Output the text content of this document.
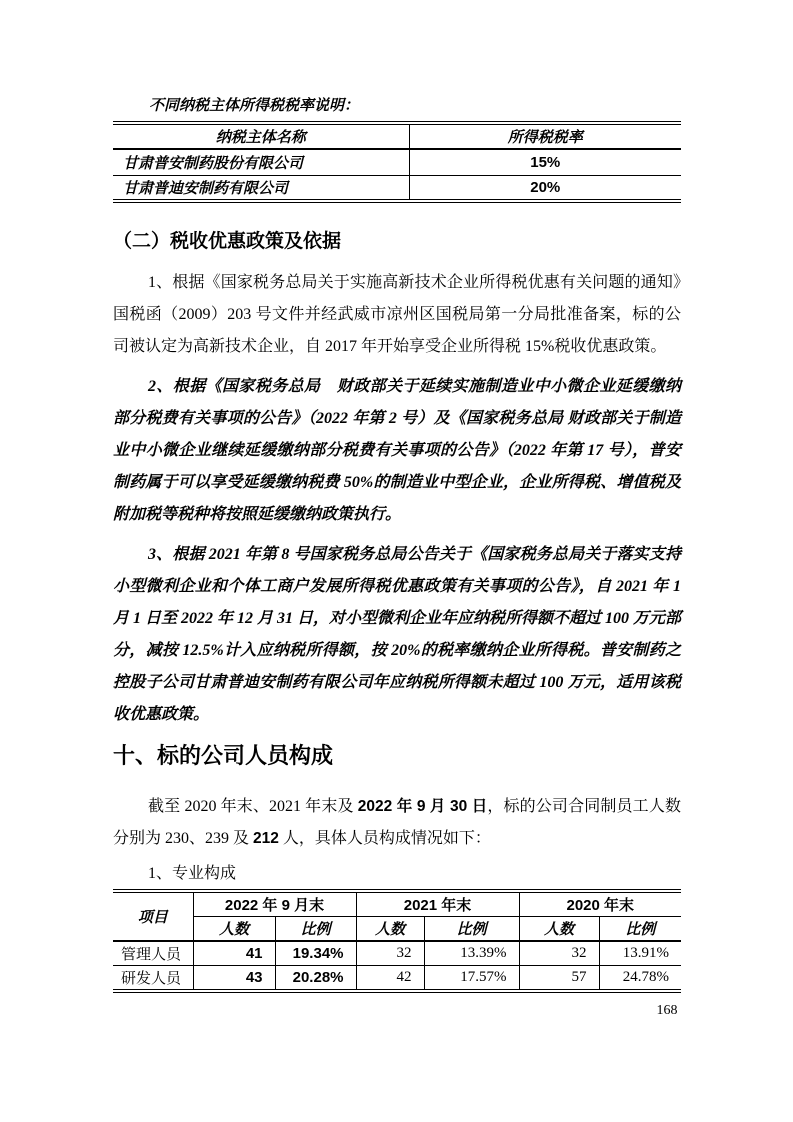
不同纳税主体所得税税率说明：
纳税主体名称	所得税税率
甘肃普安制药股份有限公司	15%
甘肃普迪安制药有限公司	20%
（二）税收优惠政策及依据

1、根据《国家税务总局关于实施高新技术企业所得税优惠有关问题的通知》国税函（2009）203 号文件并经武威市凉州区国税局第一分局批准备案，标的公司被认定为高新技术企业，自 2017 年开始享受企业所得税 15%税收优惠政策。

2、根据《国家税务总局　财政部关于延续实施制造业中小微企业延缓缴纳部分税费有关事项的公告》（2022 年第 2 号）及《国家税务总局 财政部关于制造业中小微企业继续延缓缴纳部分税费有关事项的公告》（2022 年第 17 号），普安制药属于可以享受延缓缴纳税费 50%的制造业中型企业，企业所得税、增值税及附加税等税种将按照延缓缴纳政策执行。

3、根据 2021 年第 8 号国家税务总局公告关于《国家税务总局关于落实支持小型微利企业和个体工商户发展所得税优惠政策有关事项的公告》，自 2021 年 1 月 1 日至 2022 年 12 月 31 日，对小型微利企业年应纳税所得额不超过 100 万元部分，减按 12.5%计入应纳税所得额，按 20%的税率缴纳企业所得税。普安制药之控股子公司甘肃普迪安制药有限公司年应纳税所得额未超过 100 万元，适用该税收优惠政策。

十、标的公司人员构成

截至 2020 年末、2021 年末及 2022 年 9 月 30 日，标的公司合同制员工人数分别为 230、239 及 212 人，具体人员构成情况如下：

1、专业构成

项目	2022 年 9 月末		2021 年末		2020 年末	
	人数	比例	人数	比例	人数	比例
管理人员	41	19.34%	32	13.39%	32	13.91%
研发人员	43	20.28%	42	17.57%	57	24.78%
168
